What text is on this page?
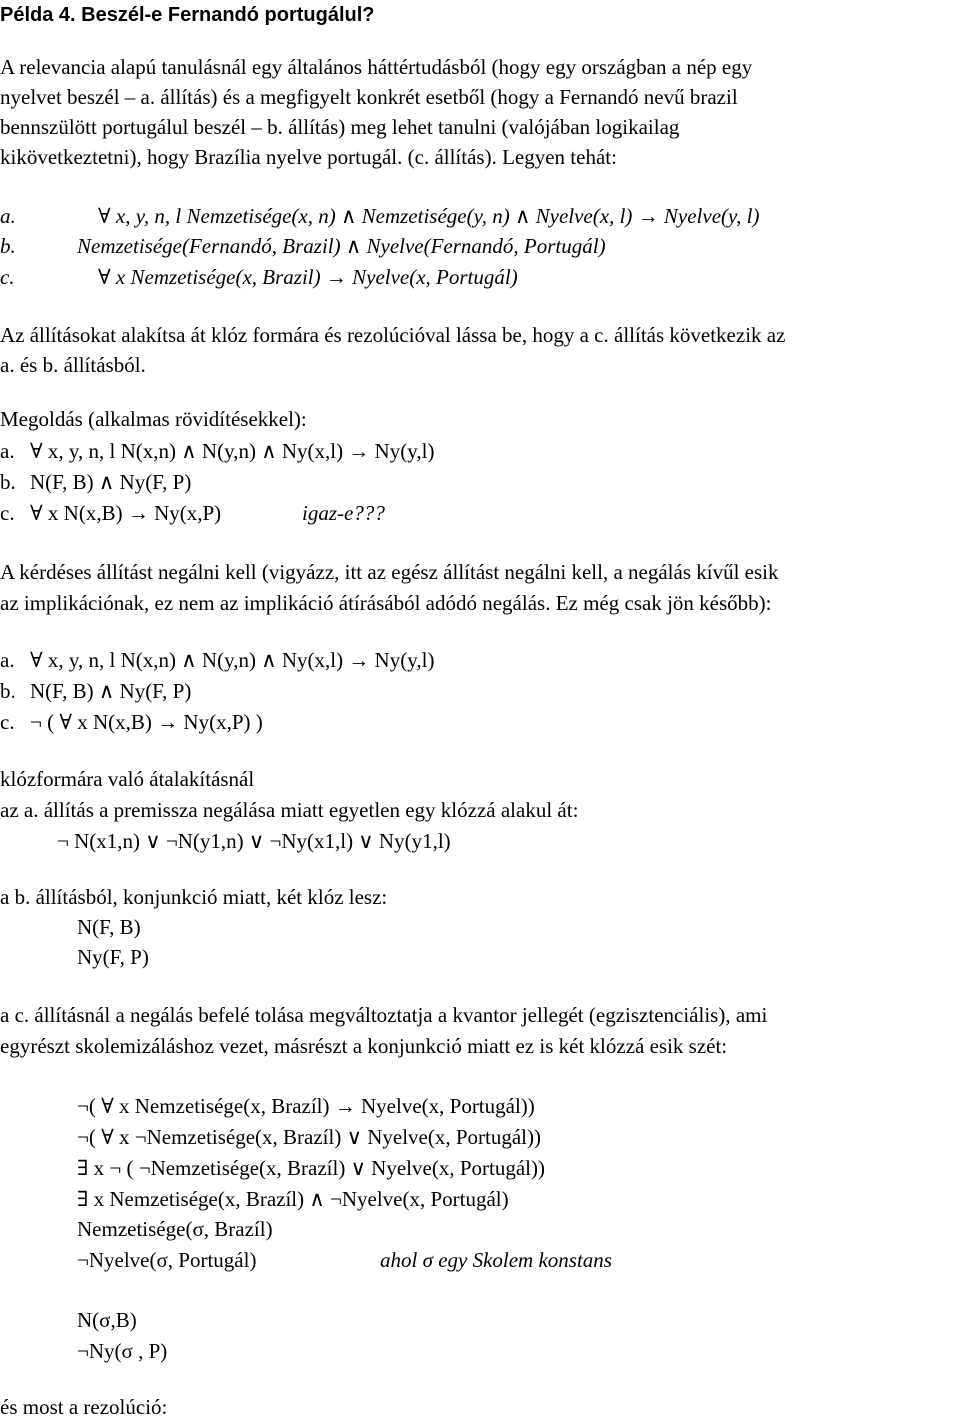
Példa 4. Beszél-e Fernandó portugálul?
A relevancia alapú tanulásnál egy általános háttértudásból (hogy egy országban a nép egy
nyelvet beszél – a. állítás) és a megfigyelt konkrét esetből (hogy a Fernandó nevű brazil
bennszülött portugálul beszél – b. állítás) meg lehet tanulni (valójában logikailag
kikövetkeztetni), hogy Brazília nyelve portugál. (c. állítás). Legyen tehát:
a.	∀ x, y, n, l Nemzetisége(x, n) ∧ Nemzetisége(y, n) ∧ Nyelve(x, l) → Nyelve(y, l)
b.	Nemzetisége(Fernandó, Brazil) ∧ Nyelve(Fernandó, Portugál)
c.	∀ x Nemzetisége(x, Brazil) → Nyelve(x, Portugál)
Az állításokat alakítsa át klóz formára és rezolúcióval lássa be, hogy a c. állítás következik az
a. és b. állításból.
Megoldás (alkalmas rövidítésekkel):
a. ∀ x, y, n, l N(x,n) ∧ N(y,n) ∧ Ny(x,l) → Ny(y,l)
b. N(F, B) ∧ Ny(F, P)
c. ∀ x N(x,B) → Ny(x,P)	igaz-e???
A kérdéses állítást negálni kell (vigyázz, itt az egész állítást negálni kell, a negálás kívűl esik
az implikációnak, ez nem az implikáció átírásából adódó negálás. Ez még csak jön később):
a. ∀ x, y, n, l N(x,n) ∧ N(y,n) ∧ Ny(x,l) → Ny(y,l)
b. N(F, B) ∧ Ny(F, P)
c. ¬ ( ∀ x N(x,B) → Ny(x,P) )
klózformára való átalakításnál
az a. állítás a premissza negálása miatt egyetlen egy klózzá alakul át:
¬ N(x1,n) ∨ ¬N(y1,n) ∨ ¬Ny(x1,l) ∨ Ny(y1,l)
a b. állításból, konjunkció miatt, két klóz lesz:
N(F, B)
Ny(F, P)
a c. állításnál a negálás befelé tolása megváltoztatja a kvantor jellegét (egzisztenciális), ami
egyrészt skolemizáláshoz vezet, másrészt a konjunkció miatt ez is két klózzá esik szét:
¬( ∀ x Nemzetisége(x, Brazíl) → Nyelve(x, Portugál))
¬( ∀ x ¬Nemzetisége(x, Brazíl) ∨ Nyelve(x, Portugál))
∃ x ¬ ( ¬Nemzetisége(x, Brazíl) ∨ Nyelve(x, Portugál))
∃ x Nemzetisége(x, Brazíl) ∧ ¬Nyelve(x, Portugál)
Nemzetisége(σ, Brazíl)
¬Nyelve(σ, Portugál)	ahol σ egy Skolem konstans
N(σ,B)
¬Ny(σ , P)
és most a rezolúció:
